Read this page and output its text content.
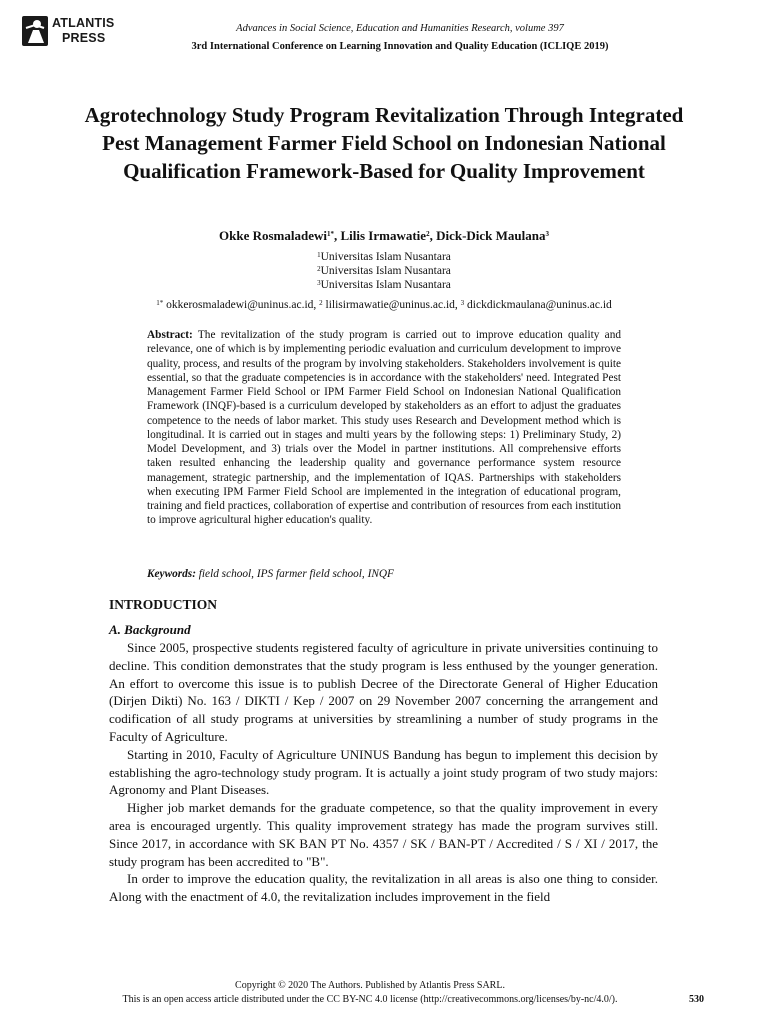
ATLANTIS
PRESS
Advances in Social Science, Education and Humanities Research, volume 397
3rd International Conference on Learning Innovation and Quality Education (ICLIQE 2019)
Agrotechnology Study Program Revitalization Through Integrated Pest Management Farmer Field School on Indonesian National Qualification Framework-Based for Quality Improvement
Okke Rosmaladewi$^{1*}$, Lilis Irmawatie$^2$, Dick-Dick Maulana$^3$
$^1$Universitas Islam Nusantara
$^2$Universitas Islam Nusantara
$^3$Universitas Islam Nusantara
$^{1*}$ okkerosmaladewi@uninus.ac.id, $^2$ lilisirmawatie@uninus.ac.id, $^3$ dickdickmaulana@uninus.ac.id
Abstract: The revitalization of the study program is carried out to improve education quality and relevance, one of which is by implementing periodic evaluation and curriculum development to improve quality, process, and results of the program by involving stakeholders. Stakeholders involvement is quite essential, so that the graduate competencies is in accordance with the stakeholders' need. Integrated Pest Management Farmer Field School or IPM Farmer Field School on Indonesian National Qualification Framework (INQF)-based is a curriculum developed by stakeholders as an effort to adjust the graduates competence to the needs of labor market. This study uses Research and Development method which is longitudinal. It is carried out in stages and multi years by the following steps: 1) Preliminary Study, 2) Model Development, and 3) trials over the Model in partner institutions. All comprehensive efforts taken resulted enhancing the leadership quality and governance performance system resource management, strategic partnership, and the implementation of IQAS. Partnerships with stakeholders when executing IPM Farmer Field School are implemented in the integration of educational program, training and field practices, collaboration of expertise and contribution of resources from each institution to improve agricultural higher education's quality.
Keywords: field school, IPS farmer field school, INQF
INTRODUCTION
A. Background

Since 2005, prospective students registered faculty of agriculture in private universities continuing to decline. This condition demonstrates that the study program is less enthused by the younger generation. An effort to overcome this issue is to publish Decree of the Directorate General of Higher Education (Dirjen Dikti) No. 163 / DIKTI / Kep / 2007 on 29 November 2007 concerning the arrangement and codification of all study programs at universities by streamlining a number of study programs in the Faculty of Agriculture.

Starting in 2010, Faculty of Agriculture UNINUS Bandung has begun to implement this decision by establishing the agro-technology study program. It is actually a joint study program of two study majors: Agronomy and Plant Diseases.

Higher job market demands for the graduate competence, so that the quality improvement in every area is encouraged urgently. This quality improvement strategy has made the program survives still. Since 2017, in accordance with SK BAN PT No. 4357 / SK / BAN-PT / Accredited / S / XI / 2017, the study program has been accredited to "B".

In order to improve the education quality, the revitalization in all areas is also one thing to consider. Along with the enactment of 4.0, the revitalization includes improvement in the field

Copyright © 2020 The Authors. Published by Atlantis Press SARL.
This is an open access article distributed under the CC BY-NC 4.0 license (http://creativecommons.org/licenses/by-nc/4.0/).	530
